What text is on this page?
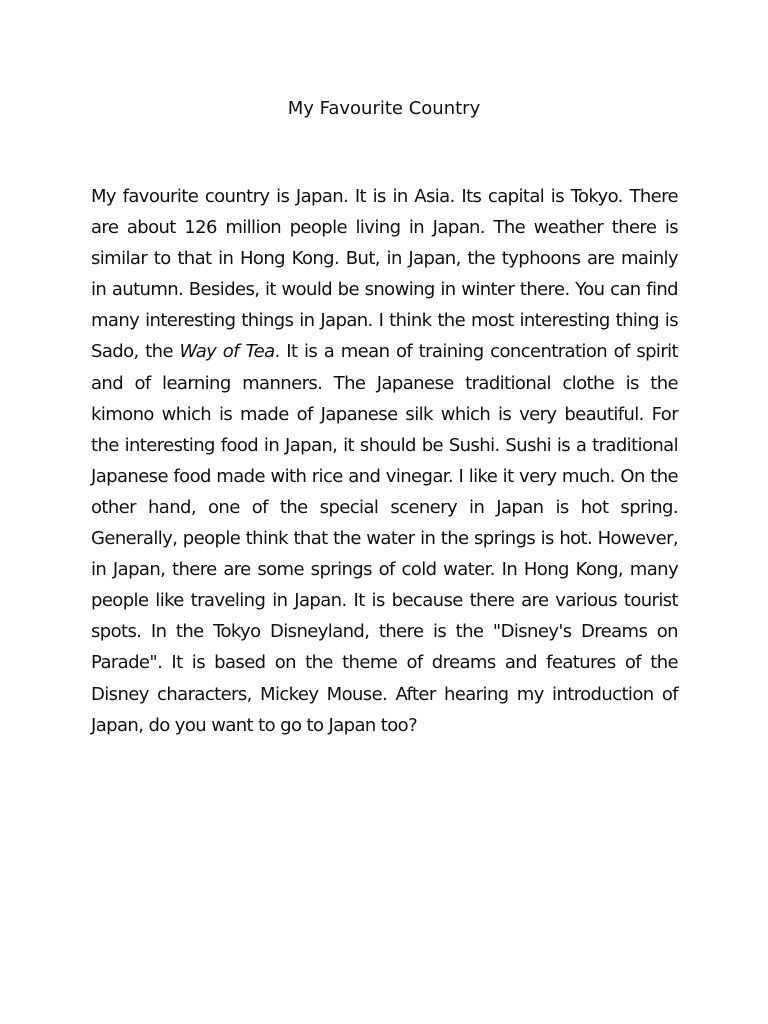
My Favourite Country

My favourite country is Japan. It is in Asia. Its capital is Tokyo. There are about 126 million people living in Japan. The weather there is similar to that in Hong Kong. But, in Japan, the typhoons are mainly in autumn. Besides, it would be snowing in winter there. You can find many interesting things in Japan. I think the most interesting thing is Sado, the Way of Tea. It is a mean of training concentration of spirit and of learning manners. The Japanese traditional clothe is the kimono which is made of Japanese silk which is very beautiful. For the interesting food in Japan, it should be Sushi. Sushi is a traditional Japanese food made with rice and vinegar. I like it very much. On the other hand, one of the special scenery in Japan is hot spring. Generally, people think that the water in the springs is hot. However, in Japan, there are some springs of cold water. In Hong Kong, many people like traveling in Japan. It is because there are various tourist spots. In the Tokyo Disneyland, there is the "Disney's Dreams on Parade". It is based on the theme of dreams and features of the Disney characters, Mickey Mouse. After hearing my introduction of Japan, do you want to go to Japan too?
